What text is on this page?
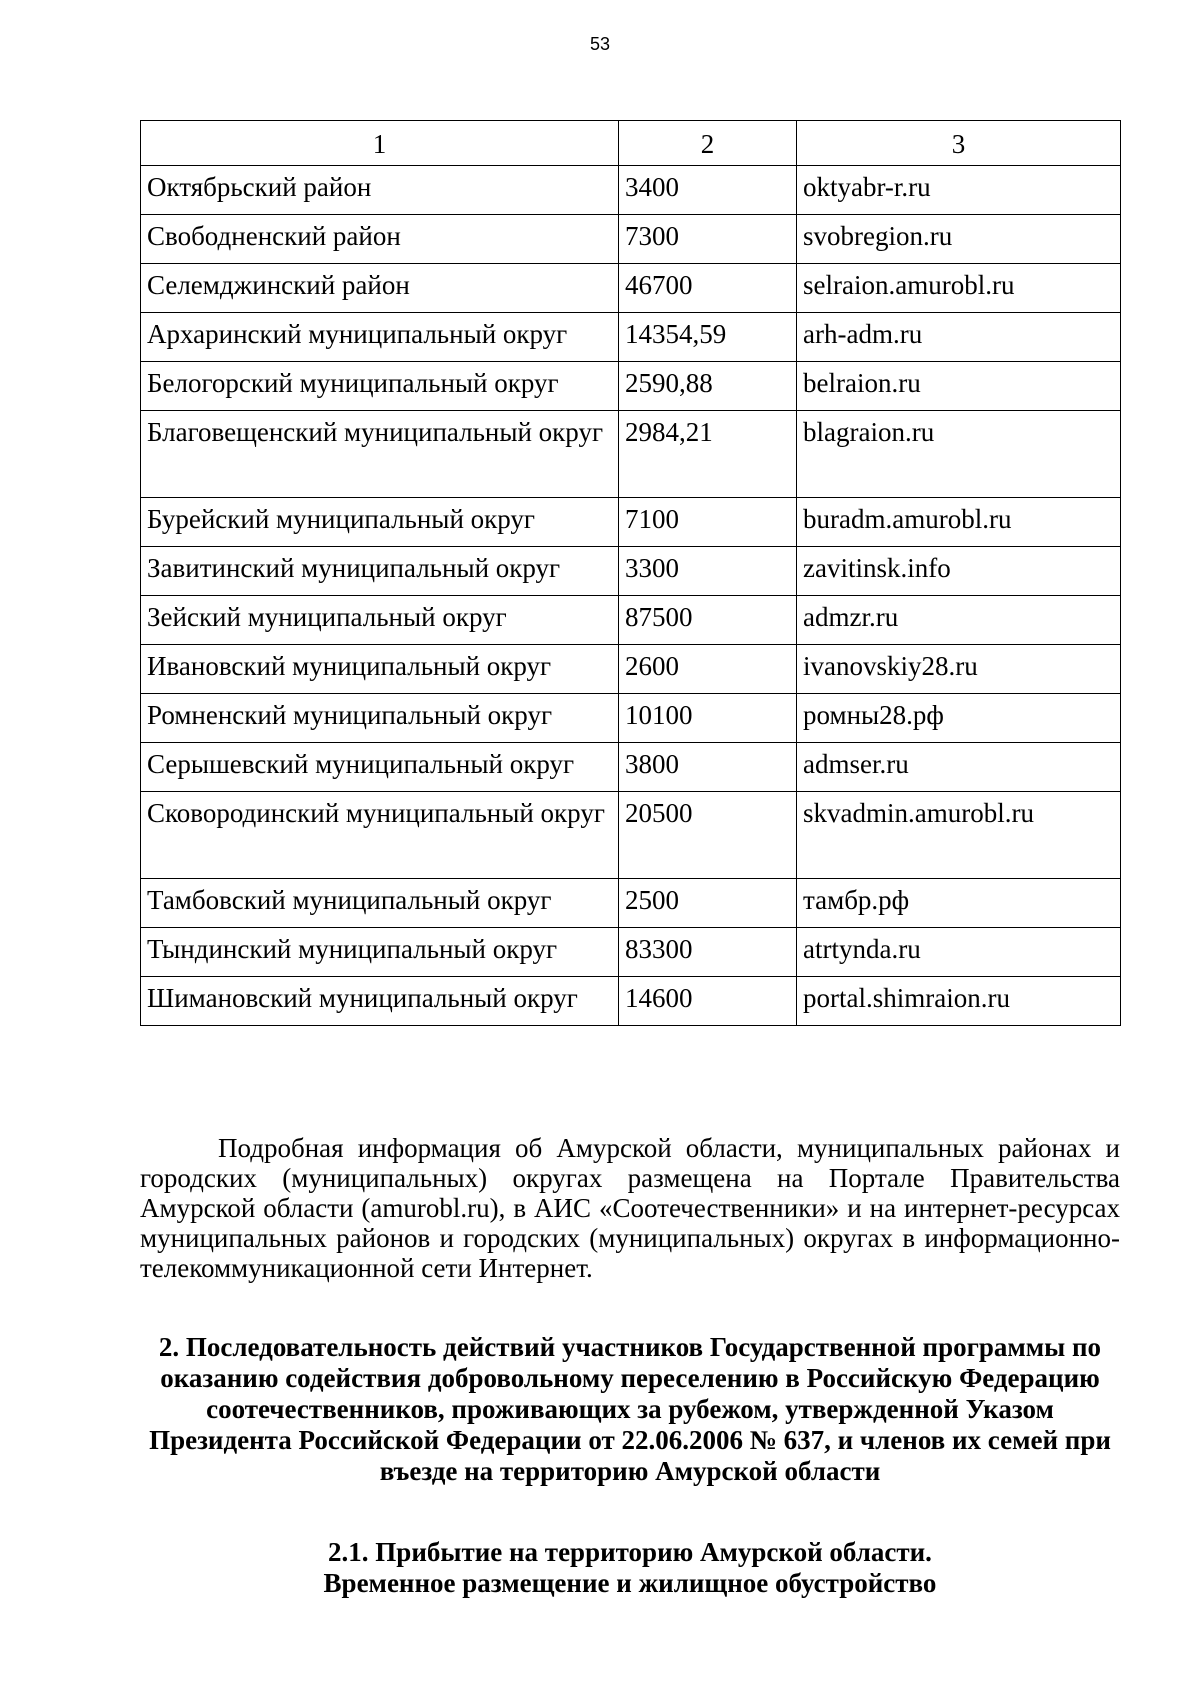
53
1	2	3
Октябрьский район	3400	oktyabr-r.ru
Свободненский район	7300	svobregion.ru
Селемджинский район	46700	selraion.amurobl.ru
Архаринский муниципальный округ	14354,59	arh-adm.ru
Белогорский муниципальный округ	2590,88	belraion.ru
Благовещенский муниципальный округ	2984,21	blagraion.ru
Бурейский муниципальный округ	7100	buradm.amurobl.ru
Завитинский муниципальный округ	3300	zavitinsk.info
Зейский муниципальный округ	87500	admzr.ru
Ивановский муниципальный округ	2600	ivanovskiy28.ru
Ромненский муниципальный округ	10100	ромны28.рф
Серышевский муниципальный округ	3800	admser.ru
Сковородинский муниципальный округ	20500	skvadmin.amurobl.ru
Тамбовский муниципальный округ	2500	тамбр.рф
Тындинский муниципальный округ	83300	atrtynda.ru
Шимановский муниципальный округ	14600	portal.shimraion.ru

Подробная информация об Амурской области, муниципальных районах и городских (муниципальных) округах размещена на Портале Правительства Амурской области (amurobl.ru), в АИС «Соотечественники» и на интернет-ресурсах муниципальных районов и городских (муниципальных) округах в информационно-телекоммуникационной сети Интернет.

2. Последовательность действий участников Государственной программы по оказанию содействия добровольному переселению в Российскую Федерацию соотечественников, проживающих за рубежом, утвержденной Указом Президента Российской Федерации от 22.06.2006 № 637, и членов их семей при въезде на территорию Амурской области

2.1. Прибытие на территорию Амурской области.
Временное размещение и жилищное обустройство
